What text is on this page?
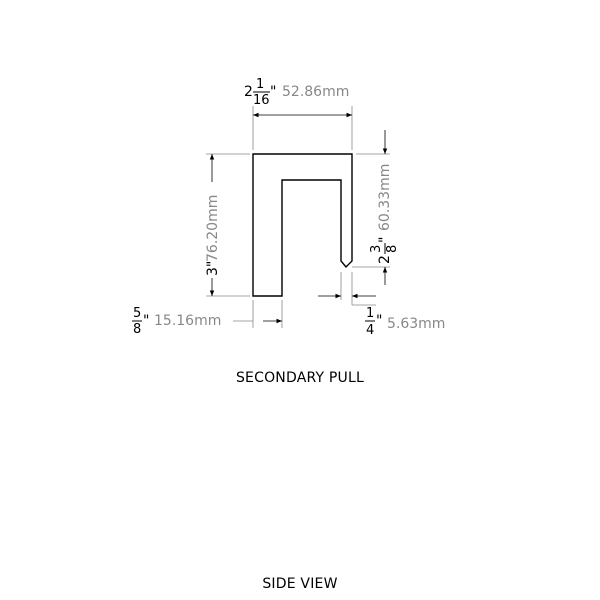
2 1
16
" 52.86mm
3"
76.20mm	2
3 8
"
60.33mm
5
8
" 15.16mm	1
4
" 5.63mm
SECONDARY PULL
SIDE VIEW
